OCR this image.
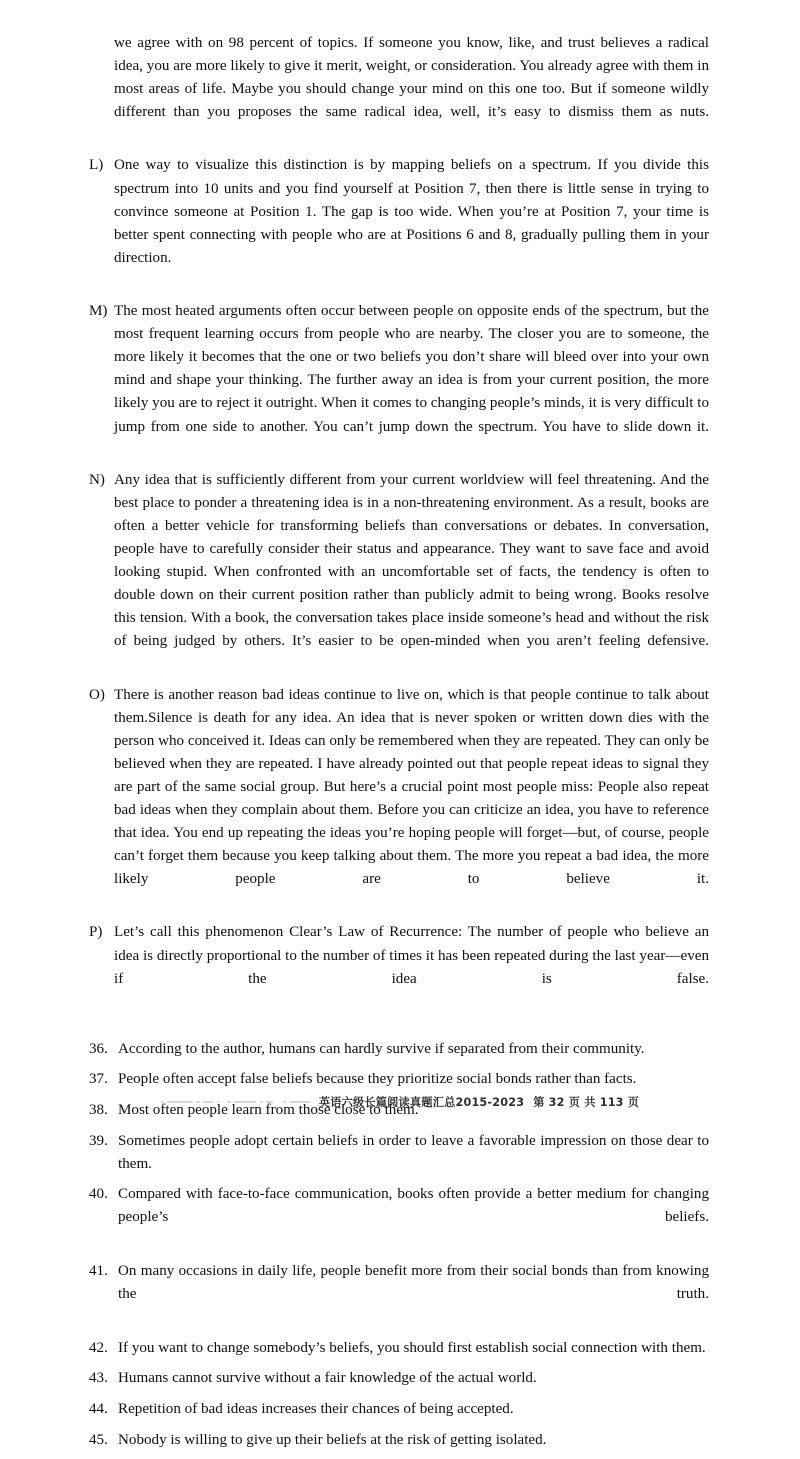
we agree with on 98 percent of topics. If someone you know, like, and trust believes a radical idea, you are more likely to give it merit, weight, or consideration. You already agree with them in most areas of life. Maybe you should change your mind on this one too. But if someone wildly different than you proposes the same radical idea, well, it’s easy to dismiss them as nuts.
L) One way to visualize this distinction is by mapping beliefs on a spectrum. If you divide this spectrum into 10 units and you find yourself at Position 7, then there is little sense in trying to convince someone at Position 1. The gap is too wide. When you’re at Position 7, your time is better spent connecting with people who are at Positions 6 and 8, gradually pulling them in your direction.
M) The most heated arguments often occur between people on opposite ends of the spectrum, but the most frequent learning occurs from people who are nearby. The closer you are to someone, the more likely it becomes that the one or two beliefs you don’t share will bleed over into your own mind and shape your thinking. The further away an idea is from your current position, the more likely you are to reject it outright. When it comes to changing people’s minds, it is very difficult to jump from one side to another. You can’t jump down the spectrum. You have to slide down it.
N) Any idea that is sufficiently different from your current worldview will feel threatening. And the best place to ponder a threatening idea is in a non-threatening environment. As a result, books are often a better vehicle for transforming beliefs than conversations or debates. In conversation, people have to carefully consider their status and appearance. They want to save face and avoid looking stupid. When confronted with an uncomfortable set of facts, the tendency is often to double down on their current position rather than publicly admit to being wrong. Books resolve this tension. With a book, the conversation takes place inside someone’s head and without the risk of being judged by others. It’s easier to be open-minded when you aren’t feeling defensive.
O) There is another reason bad ideas continue to live on, which is that people continue to talk about them.Silence is death for any idea. An idea that is never spoken or written down dies with the person who conceived it. Ideas can only be remembered when they are repeated. They can only be believed when they are repeated. I have already pointed out that people repeat ideas to signal they are part of the same social group. But here’s a crucial point most people miss: People also repeat bad ideas when they complain about them. Before you can criticize an idea, you have to reference that idea. You end up repeating the ideas you’re hoping people will forget—but, of course, people can’t forget them because you keep talking about them. The more you repeat a bad idea, the more likely people are to believe it.
P) Let’s call this phenomenon Clear’s Law of Recurrence: The number of people who believe an idea is directly proportional to the number of times it has been repeated during the last year—even if the idea is false.
36. According to the author, humans can hardly survive if separated from their community.
37. People often accept false beliefs because they prioritize social bonds rather than facts.
38. Most often people learn from those close to them.
39. Sometimes people adopt certain beliefs in order to leave a favorable impression on those dear to them.
40. Compared with face-to-face communication, books often provide a better medium for changing people’s beliefs.
41. On many occasions in daily life, people benefit more from their social bonds than from knowing the truth.
42. If you want to change somebody’s beliefs, you should first establish social connection with them.
43. Humans cannot survive without a fair knowledge of the actual world.
44. Repetition of bad ideas increases their chances of being accepted.
45. Nobody is willing to give up their beliefs at the risk of getting isolated.
英语六级长篇阅读真题汇总2015-2023 第 32 页 共 113 页
